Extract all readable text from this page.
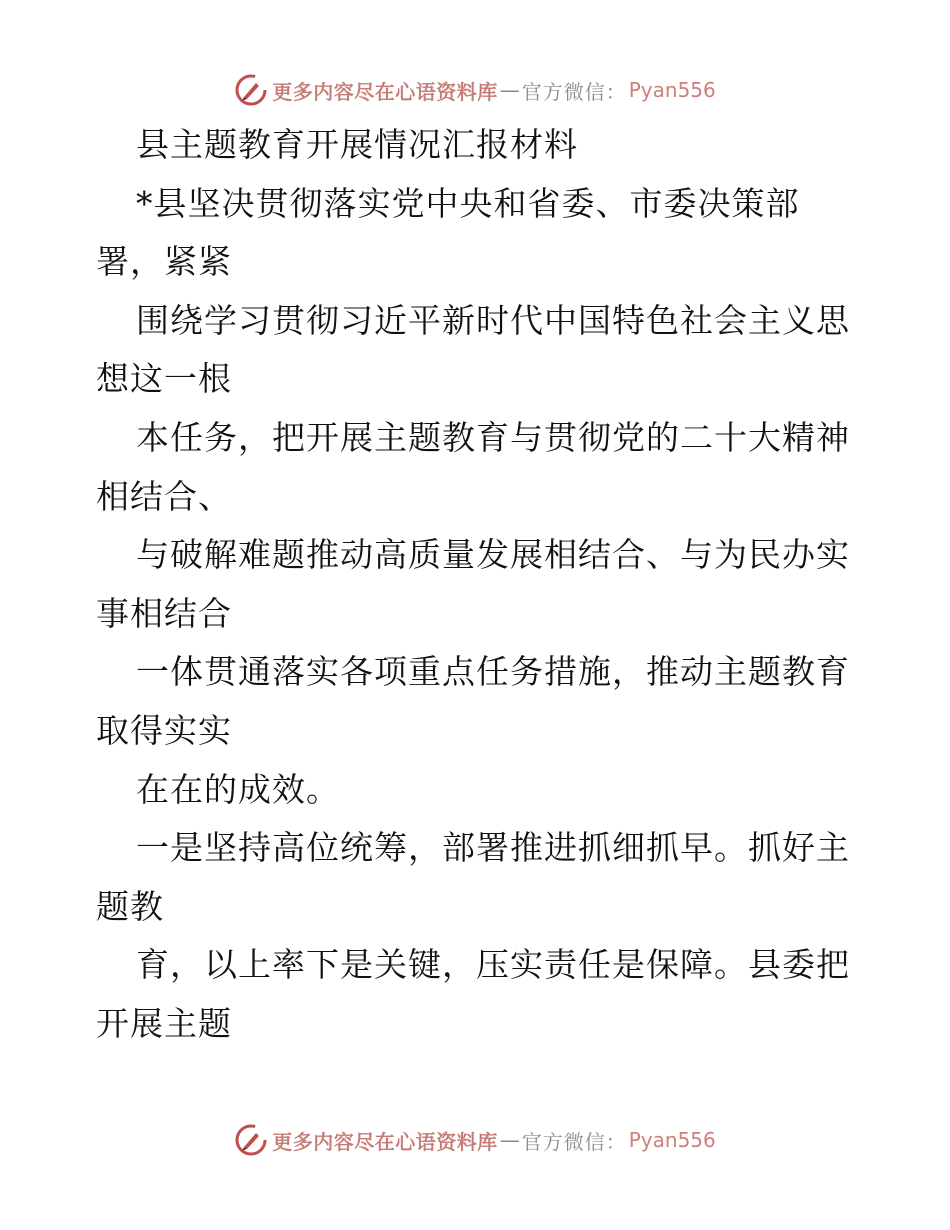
更多内容尽在心语资料库 — 官方微信： Pyan556
县主题教育开展情况汇报材料
*县坚决贯彻落实党中央和省委、市委决策部
署，紧紧
围绕学习贯彻习近平新时代中国特色社会主义思
想这一根
本任务，把开展主题教育与贯彻党的二十大精神
相结合、
与破解难题推动高质量发展相结合、与为民办实
事相结合
一体贯通落实各项重点任务措施，推动主题教育
取得实实
在在的成效。
一是坚持高位统筹，部署推进抓细抓早。抓好主
题教
育，以上率下是关键，压实责任是保障。县委把
开展主题
更多内容尽在心语资料库 — 官方微信： Pyan556
